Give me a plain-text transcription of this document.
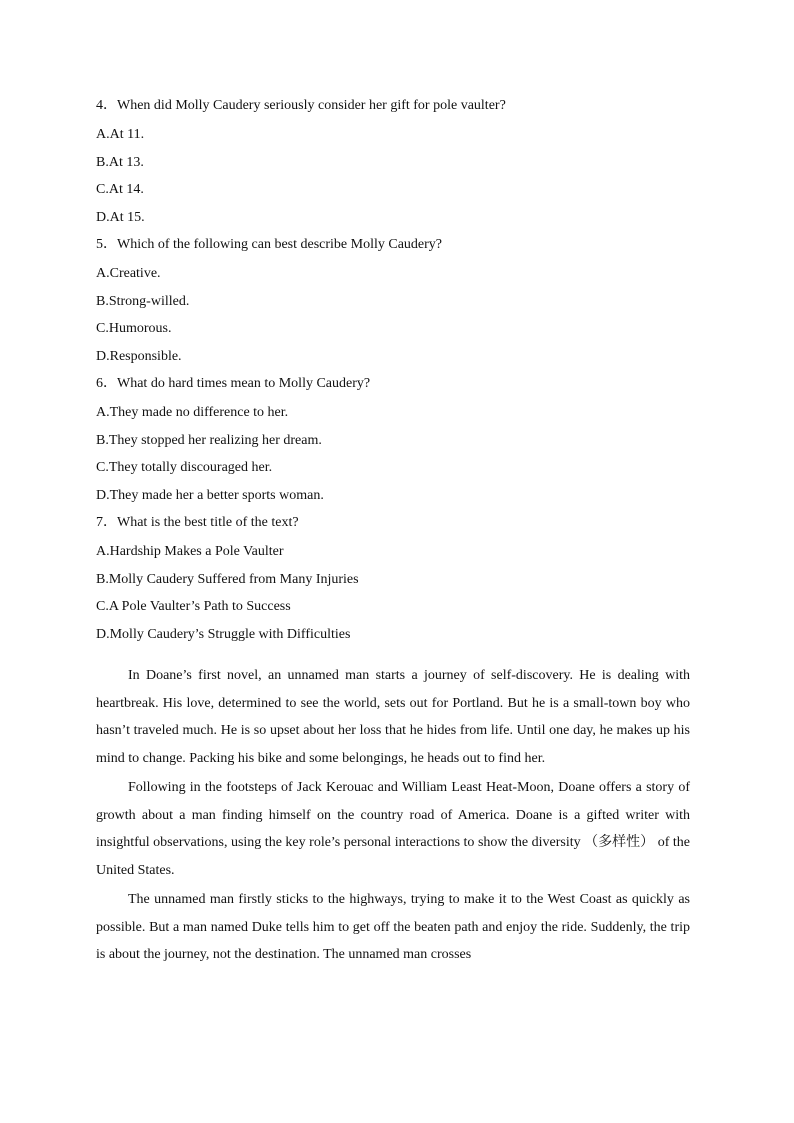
4．When did Molly Caudery seriously consider her gift for pole vaulter?
A.At 11.
B.At 13.
C.At 14.
D.At 15.
5．Which of the following can best describe Molly Caudery?
A.Creative.
B.Strong-willed.
C.Humorous.
D.Responsible.
6．What do hard times mean to Molly Caudery?
A.They made no difference to her.
B.They stopped her realizing her dream.
C.They totally discouraged her.
D.They made her a better sports woman.
7．What is the best title of the text?
A.Hardship Makes a Pole Vaulter
B.Molly Caudery Suffered from Many Injuries
C.A Pole Vaulter’s Path to Success
D.Molly Caudery’s Struggle with Difficulties

In Doane’s first novel, an unnamed man starts a journey of self-discovery. He is dealing with heartbreak. His love, determined to see the world, sets out for Portland. But he is a small-town boy who hasn’t traveled much. He is so upset about her loss that he hides from life. Until one day, he makes up his mind to change. Packing his bike and some belongings, he heads out to find her.

Following in the footsteps of Jack Kerouac and William Least Heat-Moon, Doane offers a story of growth about a man finding himself on the country road of America. Doane is a gifted writer with insightful observations, using the key role’s personal interactions to show the diversity （多样性） of the United States.

The unnamed man firstly sticks to the highways, trying to make it to the West Coast as quickly as possible. But a man named Duke tells him to get off the beaten path and enjoy the ride. Suddenly, the trip is about the journey, not the destination. The unnamed man crosses
